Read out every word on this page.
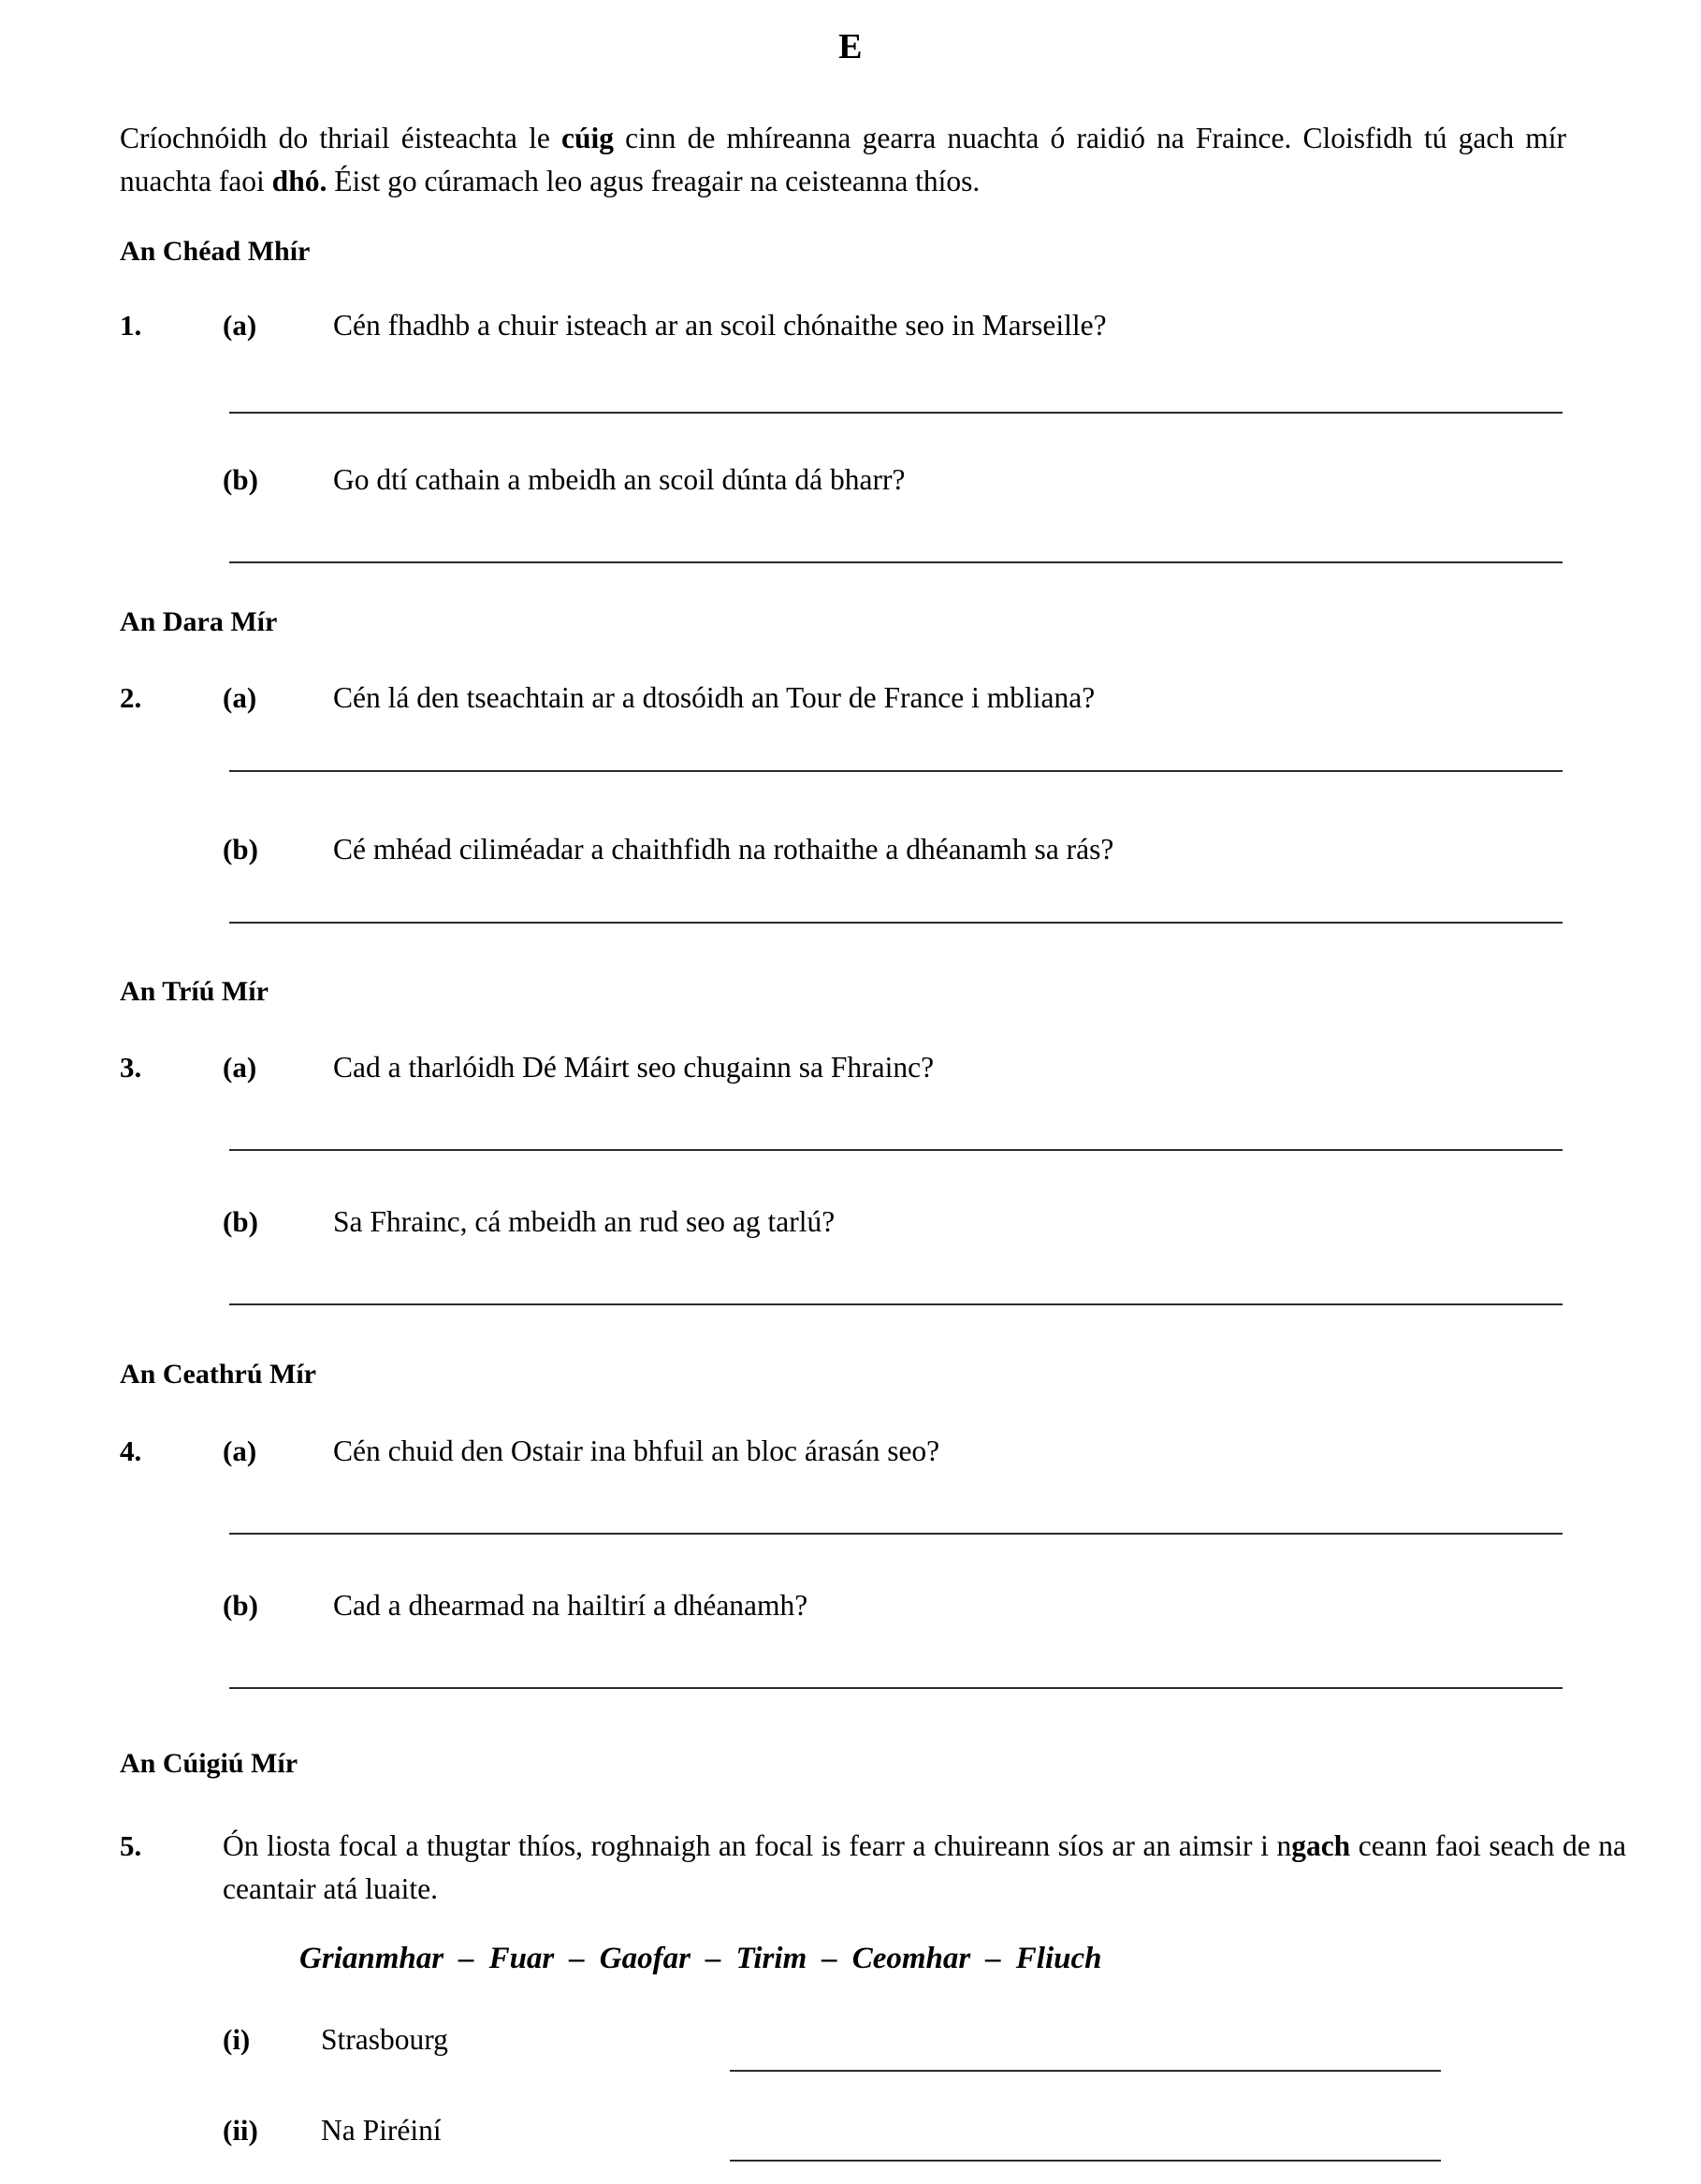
E
Críochnóidh do thriail éisteachta le cúig cinn de mhíreanna gearra nuachta ó raidió na Fraince. Cloisfidh tú gach mír nuachta faoi dhó. Éist go cúramach leo agus freagair na ceisteanna thíos.
An Chéad Mhír
1.	(a)	Cén fhadhb a chuir isteach ar an scoil chónaithe seo in Marseille?
(b)	Go dtí cathain a mbeidh an scoil dúnta dá bharr?
An Dara Mír
2.	(a)	Cén lá den tseachtain ar a dtosóidh an Tour de France i mbliana?
(b)	Cé mhéad ciliméadar a chaithfidh na rothaithe a dhéanamh sa rás?
An Tríú Mír
3.	(a)	Cad a tharlóidh Dé Máirt seo chugainn sa Fhrainc?
(b)	Sa Fhrainc, cá mbeidh an rud seo ag tarlú?
An Ceathrú Mír
4.	(a)	Cén chuid den Ostair ina bhfuil an bloc árasán seo?
(b)	Cad a dhearmad na hailtirí a dhéanamh?
An Cúigiú Mír
5.	Ón liosta focal a thugtar thíos, roghnaigh an focal is fearr a chuireann síos ar an aimsir i ngach ceann faoi seach de na ceantair atá luaite.
Grianmhar – Fuar – Gaofar – Tirim – Ceomhar – Fliuch
(i)	Strasbourg
(ii)	Na Piréiní
